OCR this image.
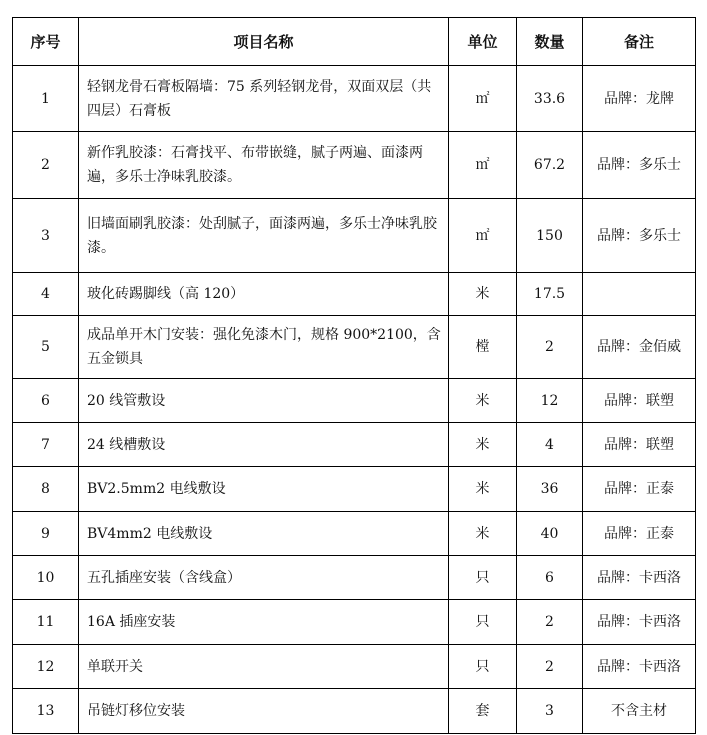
序号	项目名称	单位	数量	备注
1	轻钢龙骨石膏板隔墙：75 系列轻钢龙骨，双面双层（共四层）石膏板	㎡	33.6	品牌：龙牌
2	新作乳胶漆：石膏找平、布带嵌缝，腻子两遍、面漆两遍，多乐士净味乳胶漆。	㎡	67.2	品牌：多乐士
3	旧墙面刷乳胶漆：处刮腻子，面漆两遍，多乐士净味乳胶漆。	㎡	150	品牌：多乐士
4	玻化砖踢脚线（高 120）	米	17.5	
5	成品单开木门安装：强化免漆木门，规格 900*2100，含五金锁具	樘	2	品牌：金佰威
6	20 线管敷设	米	12	品牌：联塑
7	24 线槽敷设	米	4	品牌：联塑
8	BV2.5mm2 电线敷设	米	36	品牌：正泰
9	BV4mm2 电线敷设	米	40	品牌：正泰
10	五孔插座安装（含线盒）	只	6	品牌：卡西洛
11	16A 插座安装	只	2	品牌：卡西洛
12	单联开关	只	2	品牌：卡西洛
13	吊链灯移位安装	套	3	不含主材
